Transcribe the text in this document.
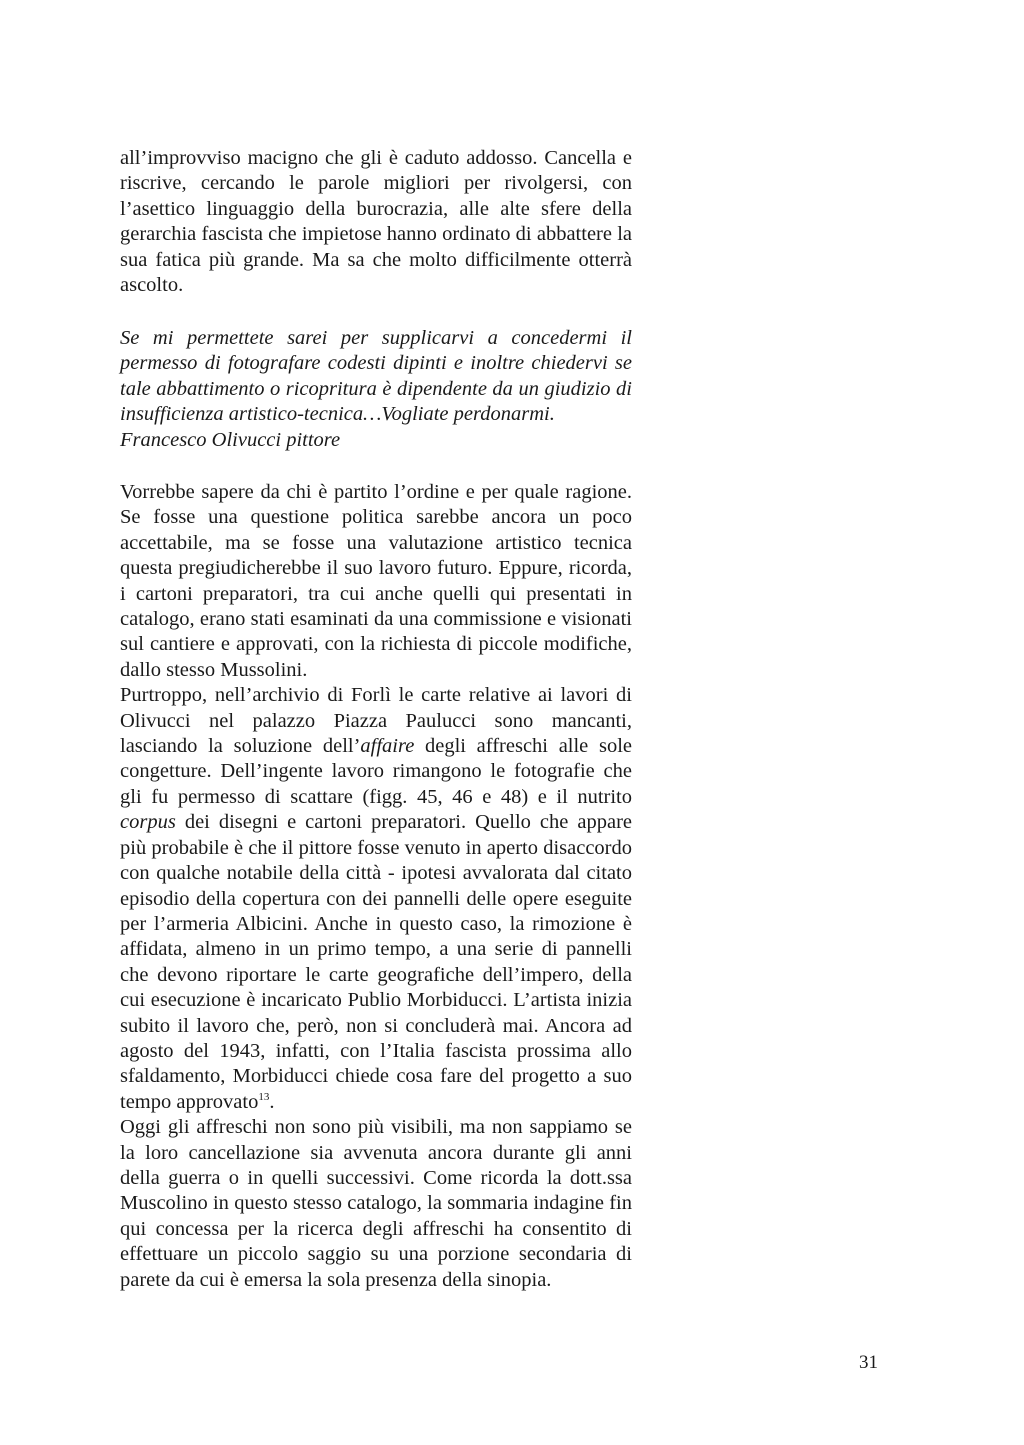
all’improvviso macigno che gli è caduto addosso. Cancella e riscrive, cercando le parole migliori per rivolgersi, con l’asettico linguaggio della burocrazia, alle alte sfere della gerarchia fascista che impietose hanno ordinato di abbattere la sua fatica più grande. Ma sa che molto difficilmente otterrà ascolto.

Se mi permettete sarei per supplicarvi a concedermi il permesso di fotografare codesti dipinti e inoltre chiedervi se tale abbattimento o ricopritura è dipendente da un giudizio di insufficienza artistico-tecnica…Vogliate perdonarmi.

Francesco Olivucci pittore

Vorrebbe sapere da chi è partito l’ordine e per quale ragione. Se fosse una questione politica sarebbe ancora un poco accettabile, ma se fosse una valutazione artistico tecnica questa pregiudicherebbe il suo lavoro futuro. Eppure, ricorda, i cartoni preparatori, tra cui anche quelli qui presentati in catalogo, erano stati esaminati da una commissione e visionati sul cantiere e approvati, con la richiesta di piccole modifiche, dallo stesso Mussolini.

Purtroppo, nell’archivio di Forlì le carte relative ai lavori di Olivucci nel palazzo Piazza Paulucci sono mancanti, lasciando la soluzione dell’affaire degli affreschi alle sole congetture. Dell’ingente lavoro rimangono le fotografie che gli fu permesso di scattare (figg. 45, 46 e 48) e il nutrito corpus dei disegni e cartoni preparatori. Quello che appare più probabile è che il pittore fosse venuto in aperto disaccordo con qualche notabile della città - ipotesi avvalorata dal citato episodio della copertura con dei pannelli delle opere eseguite per l’armeria Albicini. Anche in questo caso, la rimozione è affidata, almeno in un primo tempo, a una serie di pannelli che devono riportare le carte geografiche dell’impero, della cui esecuzione è incaricato Publio Morbiducci. L’artista inizia subito il lavoro che, però, non si concluderà mai. Ancora ad agosto del 1943, infatti, con l’Italia fascista prossima allo sfaldamento, Morbiducci chiede cosa fare del progetto a suo tempo approvato$^{13}$.

Oggi gli affreschi non sono più visibili, ma non sappiamo se la loro cancellazione sia avvenuta ancora durante gli anni della guerra o in quelli successivi. Come ricorda la dott.ssa Muscolino in questo stesso catalogo, la sommaria indagine fin qui concessa per la ricerca degli affreschi ha consentito di effettuare un piccolo saggio su una porzione secondaria di parete da cui è emersa la sola presenza della sinopia.

31
